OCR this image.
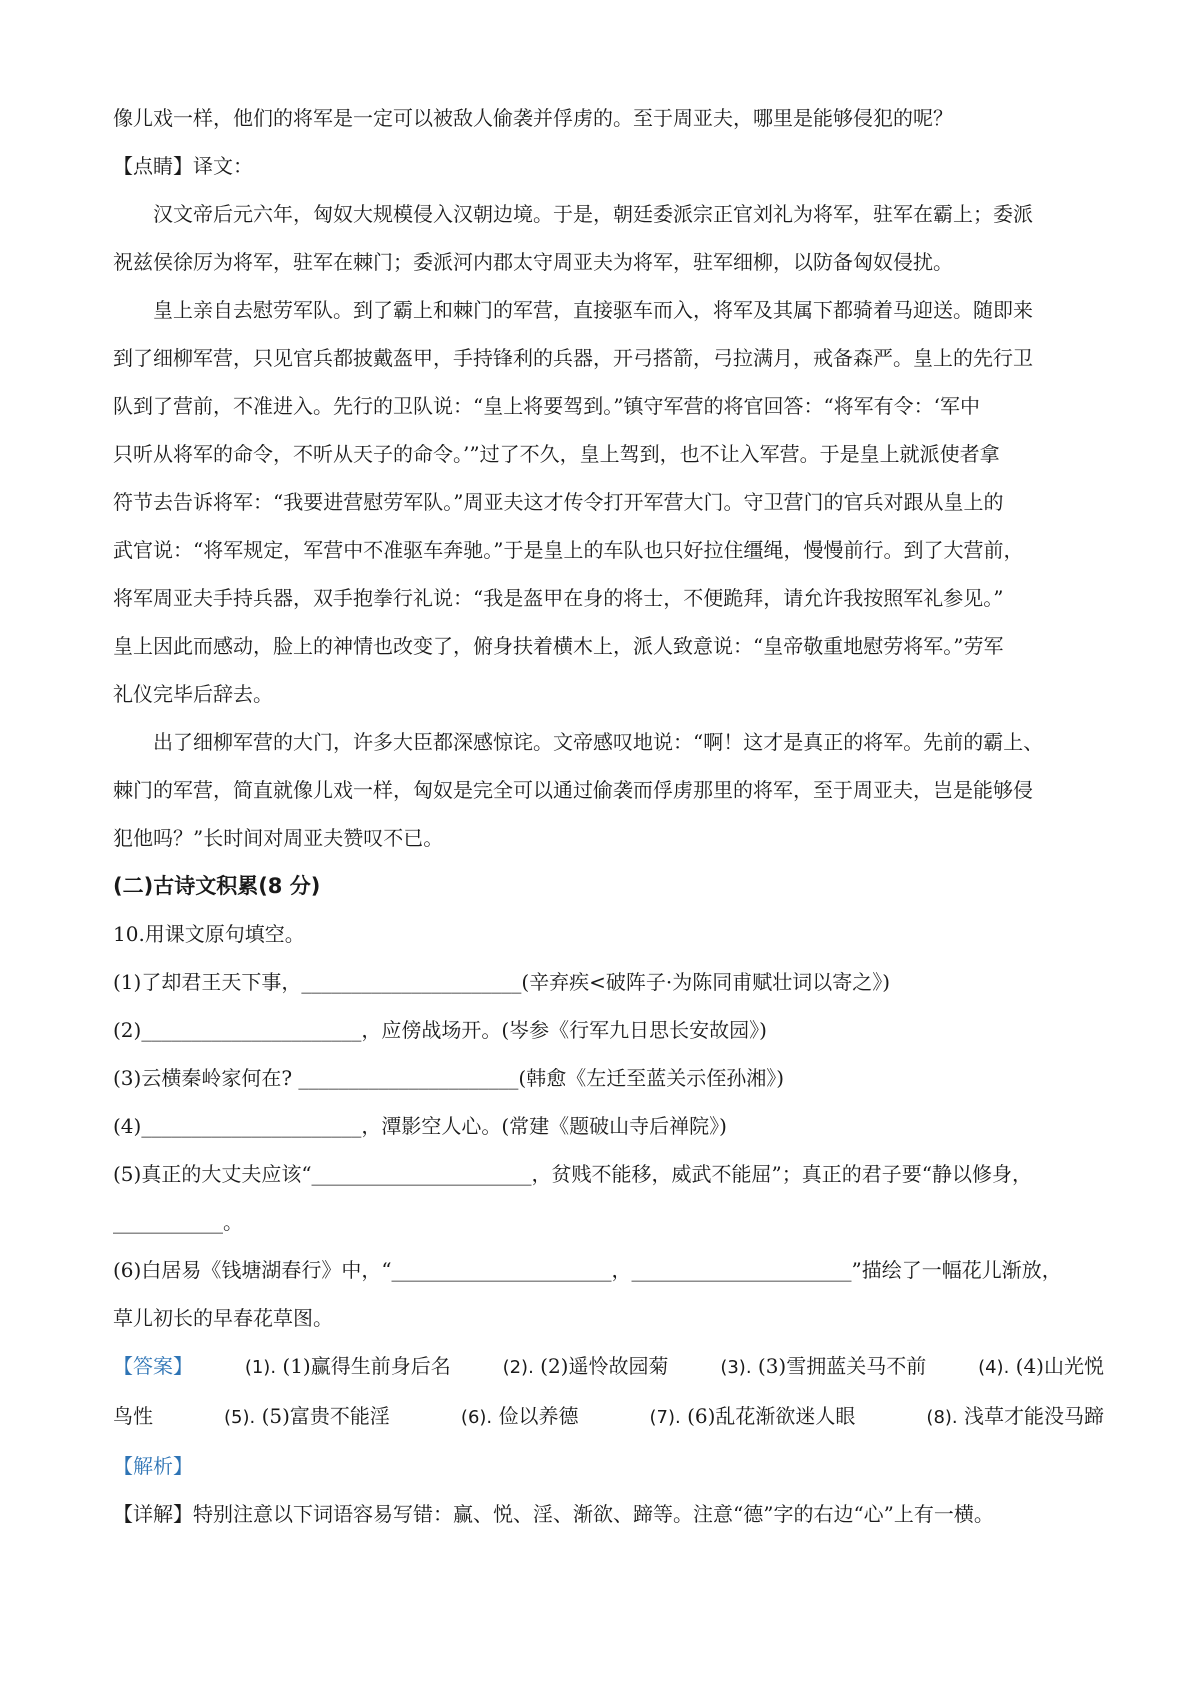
像儿戏一样，他们的将军是一定可以被敌人偷袭并俘虏的。至于周亚夫，哪里是能够侵犯的呢？
【点睛】译文：
汉文帝后元六年，匈奴大规模侵入汉朝边境。于是，朝廷委派宗正官刘礼为将军，驻军在霸上；委派
祝兹侯徐厉为将军，驻军在棘门；委派河内郡太守周亚夫为将军，驻军细柳，以防备匈奴侵扰。
皇上亲自去慰劳军队。到了霸上和棘门的军营，直接驱车而入，将军及其属下都骑着马迎送。随即来
到了细柳军营，只见官兵都披戴盔甲，手持锋利的兵器，开弓搭箭，弓拉满月，戒备森严。皇上的先行卫
队到了营前，不准进入。先行的卫队说：“皇上将要驾到。”镇守军营的将官回答：“将军有令：‘军中
只听从将军的命令，不听从天子的命令。’”过了不久，皇上驾到，也不让入军营。于是皇上就派使者拿
符节去告诉将军：“我要进营慰劳军队。”周亚夫这才传令打开军营大门。守卫营门的官兵对跟从皇上的
武官说：“将军规定，军营中不准驱车奔驰。”于是皇上的车队也只好拉住缰绳，慢慢前行。到了大营前，
将军周亚夫手持兵器，双手抱拳行礼说：“我是盔甲在身的将士，不便跪拜，请允许我按照军礼参见。”
皇上因此而感动，脸上的神情也改变了，俯身扶着横木上，派人致意说：“皇帝敬重地慰劳将军。”劳军
礼仪完毕后辞去。
出了细柳军营的大门，许多大臣都深感惊诧。文帝感叹地说：“啊！这才是真正的将军。先前的霸上、
棘门的军营，简直就像儿戏一样，匈奴是完全可以通过偷袭而俘虏那里的将军，至于周亚夫，岂是能够侵
犯他吗？”长时间对周亚夫赞叹不已。
(二)古诗文积累(8 分)
10.用课文原句填空。
(1)了却君王天下事，______________________(辛弃疾<破阵子·为陈同甫赋壮词以寄之》)
(2)______________________，应傍战场开。(岑参《行军九日思长安故园》)
(3)云横秦岭家何在? ______________________(韩愈《左迁至蓝关示侄孙湘》)
(4)______________________，潭影空人心。(常建《题破山寺后禅院》)
(5)真正的大丈夫应该“______________________，贫贱不能移，威武不能屈”；真正的君子要“静以修身，
___________。
(6)白居易《钱塘湖春行》中，“______________________，______________________”描绘了一幅花儿渐放，
草儿初长的早春花草图。
【答案】	(1). (1)赢得生前身后名	(2). (2)遥怜故园菊	(3). (3)雪拥蓝关马不前	(4). (4)山光悦
鸟性	(5). (5)富贵不能淫	(6). 俭以养德	(7). (6)乱花渐欲迷人眼	(8). 浅草才能没马蹄
【解析】
【详解】特别注意以下词语容易写错：赢、悦、淫、渐欲、蹄等。注意“德”字的右边“心”上有一横。
